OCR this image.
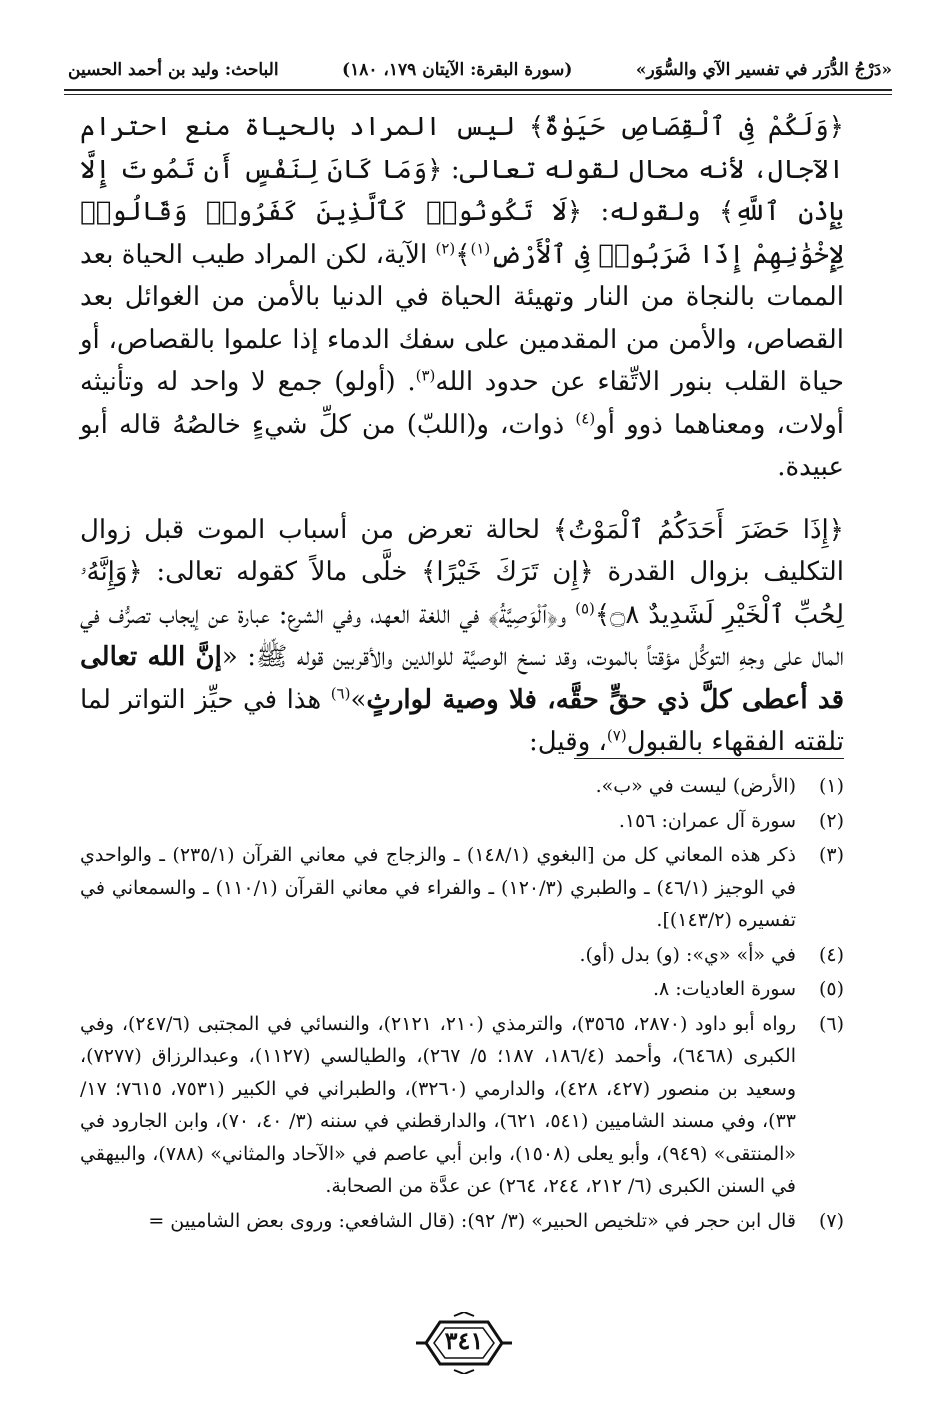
«دَرْجُ الدُّرَر في تفسير الآي والسُّوَر»
(سورة البقرة: الآيتان ١٧٩، ١٨٠)
الباحث: وليد بن أحمد الحسين

﴿وَلَكُمْ فِى ٱلْقِصَاصِ حَيَوٰةٌ﴾ ليس المراد بالحياة منع احترام الآجال، لأنه محال لقوله تعالى: ﴿وَمَا كَانَ لِنَفْسٍ أَن تَمُوتَ إِلَّا بِإِذْنِ ٱللَّهِ﴾ ولقوله: ﴿لَا تَكُونُوا۟ كَٱلَّذِينَ كَفَرُوا۟ وَقَالُوا۟ لِإِخْوَٰنِهِمْ إِذَا ضَرَبُوا۟ فِى ٱلْأَرْضِ$^{(١)}$﴾$^{(٢)}$ الآية، لكن المراد طيب الحياة بعد الممات بالنجاة من النار وتهيئة الحياة في الدنيا بالأمن من الغوائل بعد القصاص، والأمن من المقدمين على سفك الدماء إذا علموا بالقصاص، أو حياة القلب بنور الاتِّقاء عن حدود الله$^{(٣)}$. (أولو) جمع لا واحد له وتأنيثه أولات، ومعناهما ذوو أو$^{(٤)}$ ذوات، و(اللبّ) من كلِّ شيءٍ خالصُهُ قاله أبو عبيدة.

﴿إِذَا حَضَرَ أَحَدَكُمُ ٱلْمَوْتُ﴾ لحالة تعرض من أسباب الموت قبل زوال التكليف بزوال القدرة ﴿إِن تَرَكَ خَيْرًا﴾ خلَّى مالاً كقوله تعالى: ﴿وَإِنَّهُۥ لِحُبِّ ٱلْخَيْرِ لَشَدِيدٌ ۝٨﴾$^{(٥)}$ و﴿ٱلْوَصِيَّةُ﴾ في اللغة العهد، وفي الشرع: عبارة عن إيجاب تصرُّف في المال على وجهِ التوكُّل مؤقتاً بالموت، وقد نسخ الوصيَّة للوالدين والأقربين قوله ﷺ: «إنَّ الله تعالى قد أعطى كلَّ ذي حقٍّ حقَّه، فلا وصية لوارثٍ»$^{(٦)}$ هذا في حيِّز التواتر لما تلقته الفقهاء بالقبول$^{(٧)}$، وقيل:

(١)
(الأرض) ليست في «ب».
(٢)
سورة آل عمران: ١٥٦.
(٣)
ذكر هذه المعاني كل من [البغوي (١٤٨/١) ـ والزجاج في معاني القرآن (٢٣٥/١) ـ والواحدي في الوجيز (٤٦/١) ـ والطبري (١٢٠/٣) ـ والفراء في معاني القرآن (١١٠/١) ـ والسمعاني في تفسيره (١٤٣/٢)].
(٤)
في «أ» «ي»: (و) بدل (أو).
(٥)
سورة العاديات: ٨.
(٦)
رواه أبو داود (٢٨٧٠، ٣٥٦٥)، والترمذي (٢١٠، ٢١٢١)، والنسائي في المجتبى (٢٤٧/٦)، وفي الكبرى (٦٤٦٨)، وأحمد (١٨٦/٤، ١٨٧؛ ٥/ ٢٦٧)، والطيالسي (١١٢٧)، وعبدالرزاق (٧٢٧٧)، وسعيد بن منصور (٤٢٧، ٤٢٨)، والدارمي (٣٢٦٠)، والطبراني في الكبير (٧٥٣١، ٧٦١٥؛ ١٧/ ٣٣)، وفي مسند الشاميين (٥٤١، ٦٢١)، والدارقطني في سننه (٣/ ٤٠، ٧٠)، وابن الجارود في «المنتقى» (٩٤٩)، وأبو يعلى (١٥٠٨)، وابن أبي عاصم في «الآحاد والمثاني» (٧٨٨)، والبيهقي في السنن الكبرى (٦/ ٢١٢، ٢٤٤، ٢٦٤) عن عدَّة من الصحابة.
(٧)
قال ابن حجر في «تلخيص الحبير» (٣/ ٩٢): (قال الشافعي: وروى بعض الشاميين =
٣٤١
